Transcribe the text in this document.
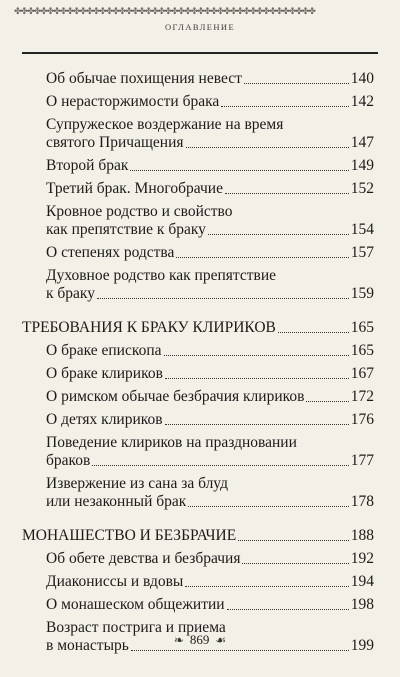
✤✤✤✤✤✤✤✤✤✤✤✤✤✤✤✤✤✤✤✤✤✤✤✤✤✤✤✤✤✤✤✤✤✤✤✤✤✤✤✤✤✤✤✤✤✤
ОГЛАВЛЕНИЕ
Об обычае похищения невест	140
О нерасторжимости брака	142
Супружеское воздержание на время
святого Причащения	147
Второй брак	149
Третий брак. Многобрачие	152
Кровное родство и свойство
как препятствие к браку	154
О степенях родства	157
Духовное родство как препятствие
к браку	159
ТРЕБОВАНИЯ К БРАКУ КЛИРИКОВ	165
О браке епископа	165
О браке клириков	167
О римском обычае безбрачия клириков	172
О детях клириков	176
Поведение клириков на праздновании
браков	177
Извержение из сана за блуд
или незаконный брак	178
МОНАШЕСТВО И БЕЗБРАЧИЕ	188
Об обете девства и безбрачия	192
Диакониссы и вдовы	194
О монашеском общежитии	198
Возраст пострига и приема
в монастырь	199
❧ 869 ☙
